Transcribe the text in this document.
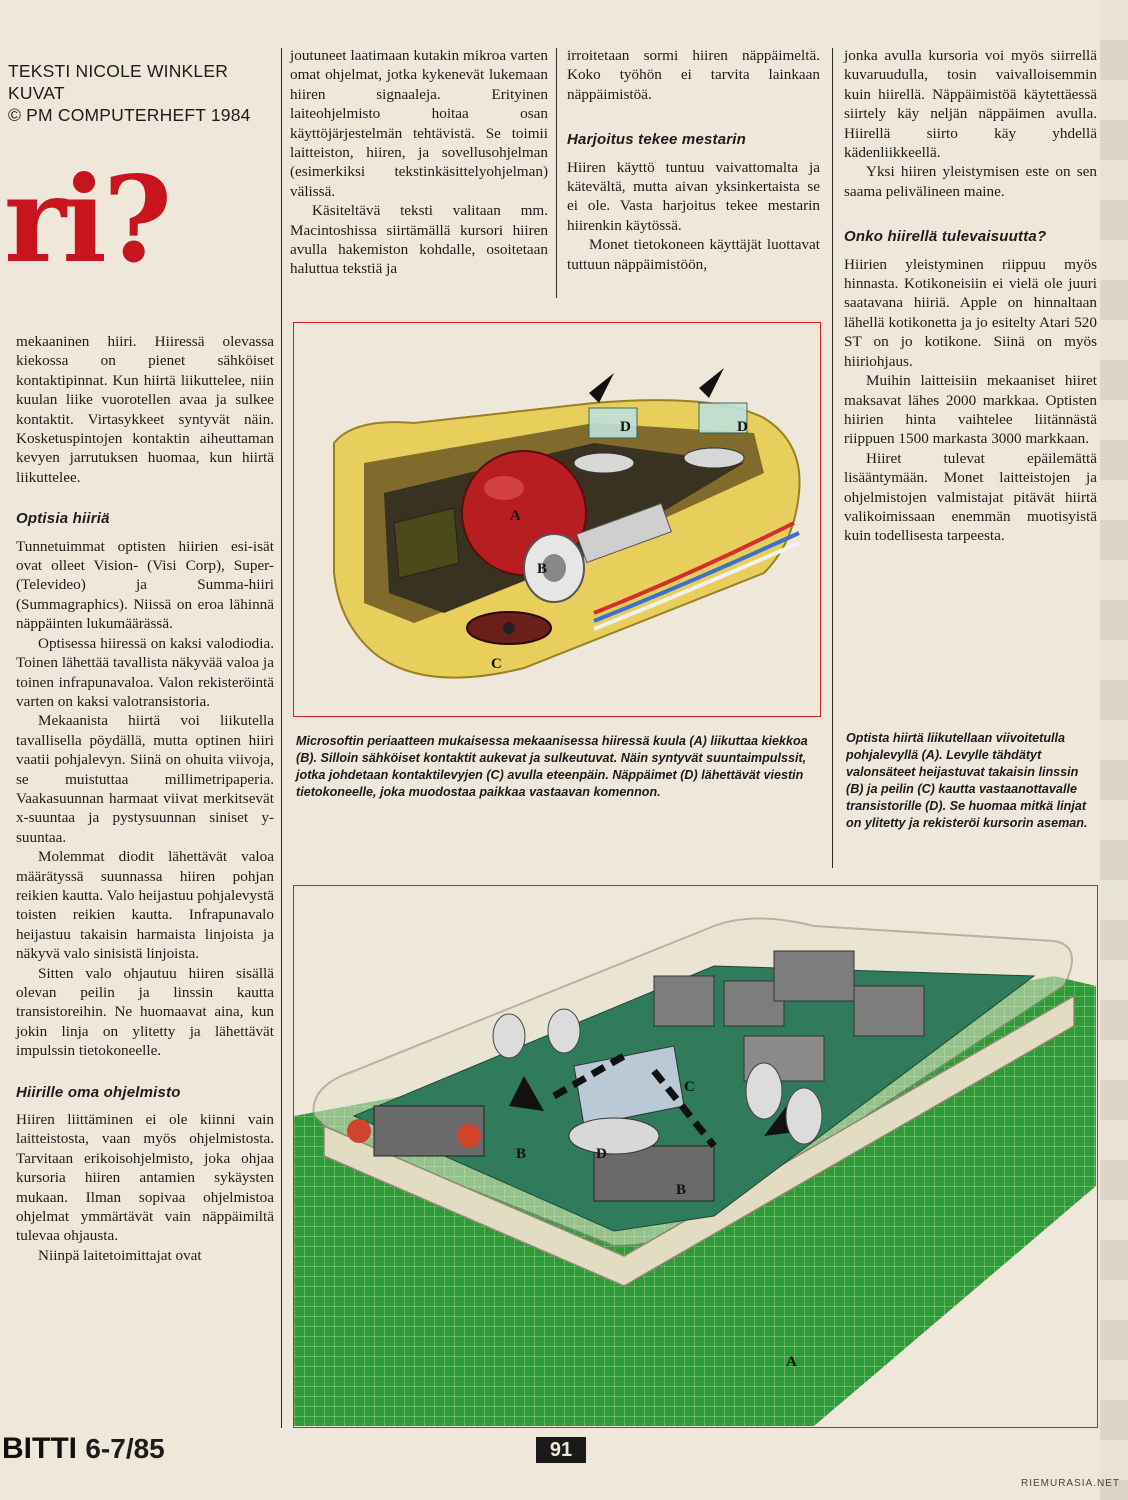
TEKSTI NICOLE WINKLER
KUVAT
© PM COMPUTERHEFT 1984
ri?

mekaaninen hiiri. Hiiressä olevassa kiekossa on pienet sähköiset kontaktipinnat. Kun hiirtä liikuttelee, niin kuulan liike vuorotellen avaa ja sulkee kontaktit. Virtasykkeet syntyvät näin. Kosketuspintojen kontaktin aiheuttaman kevyen jarrutuksen huomaa, kun hiirtä liikuttelee.

Optisia hiiriä

Tunnetuimmat optisten hiirien esi-isät ovat olleet Vision- (Visi Corp), Super- (Televideo) ja Summa-hiiri (Summagraphics). Niissä on eroa lähinnä näppäinten lukumäärässä.

Optisessa hiiressä on kaksi valodiodia. Toinen lähettää tavallista näkyvää valoa ja toinen infrapunavaloa. Valon rekisteröintä varten on kaksi valotransistoria.

Mekaanista hiirtä voi liikutella tavallisella pöydällä, mutta optinen hiiri vaatii pohjalevyn. Siinä on ohuita viivoja, se muistuttaa millimetripaperia. Vaakasuunnan harmaat viivat merkitsevät x-suuntaa ja pystysuunnan siniset y-suuntaa.

Molemmat diodit lähettävät valoa määrätyssä suunnassa hiiren pohjan reikien kautta. Valo heijastuu pohjalevystä toisten reikien kautta. Infrapunavalo heijastuu takaisin harmaista linjoista ja näkyvä valo sinisistä linjoista.

Sitten valo ohjautuu hiiren sisällä olevan peilin ja linssin kautta transistoreihin. Ne huomaavat aina, kun jokin linja on ylitetty ja lähettävät impulssin tietokoneelle.

Hiirille oma ohjelmisto

Hiiren liittäminen ei ole kiinni vain laitteistosta, vaan myös ohjelmistosta. Tarvitaan erikoisohjelmisto, joka ohjaa kursoria hiiren antamien sykäysten mukaan. Ilman sopivaa ohjelmistoa ohjelmat ymmärtävät vain näppäimiltä tulevaa ohjausta.

Niinpä laitetoimittajat ovat

joutuneet laatimaan kutakin mikroa varten omat ohjelmat, jotka kykenevät lukemaan hiiren signaaleja. Erityinen laiteohjelmisto hoitaa osan käyttöjärjestelmän tehtävistä. Se toimii laitteiston, hiiren, ja sovellusohjelman (esimerkiksi tekstinkäsittelyohjelman) välissä.

Käsiteltävä teksti valitaan mm. Macintoshissa siirtämällä kursori hiiren avulla hakemiston kohdalle, osoitetaan haluttua tekstiä ja

irroitetaan sormi hiiren näppäimeltä. Koko työhön ei tarvita lainkaan näppäimistöä.

Harjoitus tekee mestarin

Hiiren käyttö tuntuu vaivattomalta ja kätevältä, mutta aivan yksinkertaista se ei ole. Vasta harjoitus tekee mestarin hiirenkin käytössä.

Monet tietokoneen käyttäjät luottavat tuttuun näppäimistöön,

jonka avulla kursoria voi myös siirrellä kuvaruudulla, tosin vaivalloisemmin kuin hiirellä. Näppäimistöä käytettäessä siirtely käy neljän näppäimen avulla. Hiirellä siirto käy yhdellä kädenliikkeellä.

Yksi hiiren yleistymisen este on sen saama pelivälineen maine.

Onko hiirellä tulevaisuutta?

Hiirien yleistyminen riippuu myös hinnasta. Kotikoneisiin ei vielä ole juuri saatavana hiiriä. Apple on hinnaltaan lähellä kotikonetta ja jo esitelty Atari 520 ST on jo kotikone. Siinä on myös hiiriohjaus.

Muihin laitteisiin mekaaniset hiiret maksavat lähes 2000 markkaa. Optisten hiirien hinta vaihtelee liitännästä riippuen 1500 markasta 3000 markkaan.

Hiiret tulevat epäilemättä lisääntymään. Monet laitteistojen ja ohjelmistojen valmistajat pitävät hiirtä valikoimissaan enemmän muotisyistä kuin todellisesta tarpeesta.

A
B
C
D	D
Microsoftin periaatteen mukaisessa mekaanisessa hiiressä kuula (A) liikuttaa kiekkoa (B). Silloin sähköiset kontaktit aukevat ja sulkeutuvat. Näin syntyvät suuntaimpulssit, jotka johdetaan kontaktilevyjen (C) avulla eteenpäin. Näppäimet (D) lähettävät viestin tietokoneelle, joka muodostaa paikkaa vastaavan komennon.
Optista hiirtä liikutellaan viivoitetulla pohjalevyllä (A). Levylle tähdätyt valonsäteet heijastuvat takaisin linssin (B) ja peilin (C) kautta vastaanottavalle transistorille (D). Se huomaa mitkä linjat on ylitetty ja rekisteröi kursorin aseman.
C
B
B
D
A
BITTI 6-7/85	91
RIEMURASIA.NET
